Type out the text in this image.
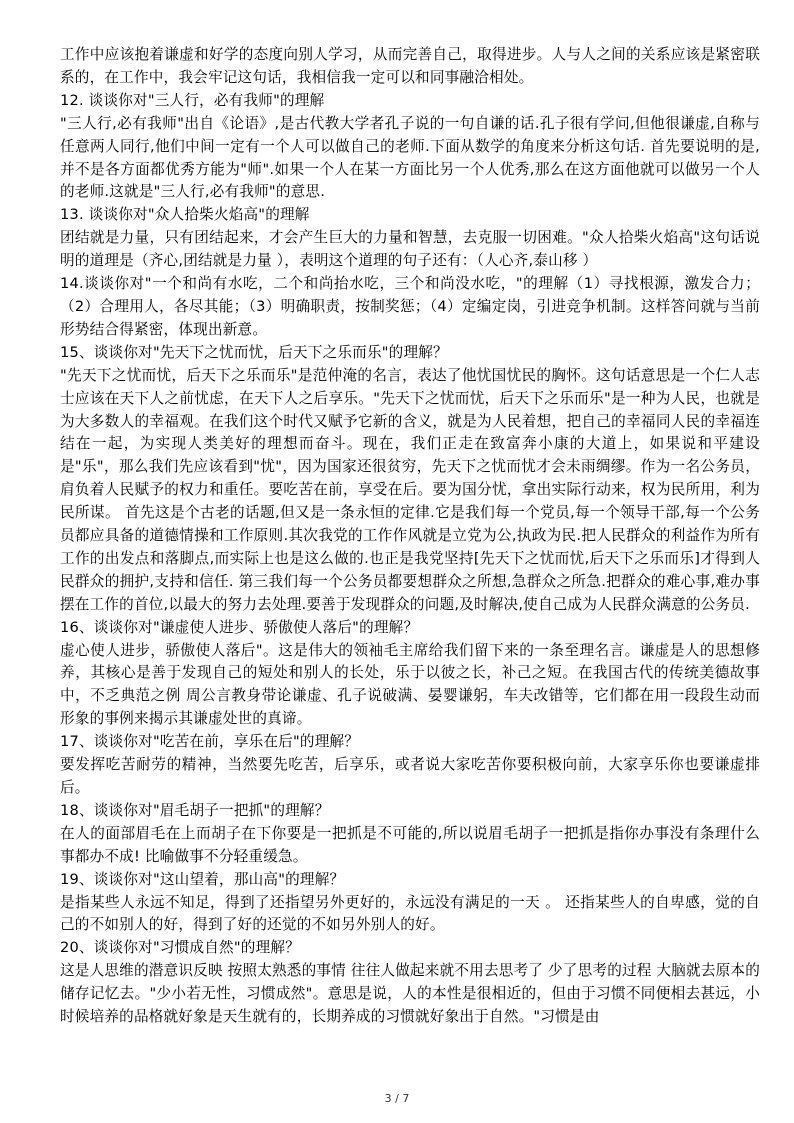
工作中应该抱着谦虚和好学的态度向别人学习，从而完善自己，取得进步。人与人之间的关系应该是紧密联系的，在工作中，我会牢记这句话，我相信我一定可以和同事融洽相处。

12. 谈谈你对"三人行，必有我师"的理解

"三人行,必有我师"出自《论语》,是古代教大学者孔子说的一句自谦的话.孔子很有学问,但他很谦虚,自称与任意两人同行,他们中间一定有一个人可以做自己的老师.下面从数学的角度来分析这句话. 首先要说明的是,并不是各方面都优秀方能为"师".如果一个人在某一方面比另一个人优秀,那么在这方面他就可以做另一个人的老师.这就是"三人行,必有我师"的意思.

13. 谈谈你对"众人拾柴火焰高"的理解

团结就是力量，只有团结起来，才会产生巨大的力量和智慧，去克服一切困难。"众人拾柴火焰高"这句话说明的道理是（齐心,团结就是力量 ），表明这个道理的句子还有：（人心齐,泰山移 ）

14.谈谈你对"一个和尚有水吃，二个和尚抬水吃，三个和尚没水吃，"的理解（1）寻找根源，激发合力；（2）合理用人，各尽其能；（3）明确职责，按制奖惩；（4）定编定岗，引进竞争机制。这样答问就与当前形势结合得紧密，体现出新意。

15、谈谈你对"先天下之忧而忧，后天下之乐而乐"的理解？

"先天下之忧而忧，后天下之乐而乐"是范仲淹的名言，表达了他忧国忧民的胸怀。这句话意思是一个仁人志士应该在天下人之前忧虑，在天下人之后享乐。"先天下之忧而忧，后天下之乐而乐"是一种为人民，也就是为大多数人的幸福观。在我们这个时代又赋予它新的含义，就是为人民着想，把自己的幸福同人民的幸福连结在一起，为实现人类美好的理想而奋斗。现在，我们正走在致富奔小康的大道上，如果说和平建设是"乐"，那么我们先应该看到"忧"，因为国家还很贫穷，先天下之忧而忧才会未雨绸缪。作为一名公务员，肩负着人民赋予的权力和重任。要吃苦在前，享受在后。要为国分忧，拿出实际行动来，权为民所用，利为民所谋。 首先这是个古老的话题,但又是一条永恒的定律.它是我们每一个党员,每一个领导干部,每一个公务员都应具备的道德情操和工作原则.其次我党的工作作风就是立党为公,执政为民.把人民群众的利益作为所有工作的出发点和落脚点,而实际上也是这么做的.也正是我党坚持[先天下之忧而忧,后天下之乐而乐]才得到人民群众的拥护,支持和信任. 第三我们每一个公务员都要想群众之所想,急群众之所急.把群众的难心事,难办事摆在工作的首位,以最大的努力去处理.要善于发现群众的问题,及时解决,使自己成为人民群众满意的公务员.

16、谈谈你对"谦虚使人进步、骄傲使人落后"的理解？

虚心使人进步，骄傲使人落后"。这是伟大的领袖毛主席给我们留下来的一条至理名言。谦虚是人的思想修养，其核心是善于发现自己的短处和别人的长处，乐于以彼之长，补己之短。在我国古代的传统美德故事中，不乏典范之例 周公言教身带论谦虚、孔子说破满、晏婴谦躬，车夫改错等，它们都在用一段段生动而形象的事例来揭示其谦虚处世的真谛。

17、谈谈你对"吃苦在前，享乐在后"的理解？

要发挥吃苦耐劳的精神，当然要先吃苦，后享乐，或者说大家吃苦你要积极向前，大家享乐你也要谦虚排后。

18、谈谈你对"眉毛胡子一把抓"的理解？

在人的面部眉毛在上而胡子在下你要是一把抓是不可能的,所以说眉毛胡子一把抓是指你办事没有条理什么事都办不成! 比喻做事不分轻重缓急。

19、谈谈你对"这山望着，那山高"的理解？

是指某些人永远不知足，得到了还指望另外更好的，永远没有满足的一天 。 还指某些人的自卑感，觉的自己的不如别人的好，得到了好的还觉的不如另外别人的好。

20、谈谈你对"习惯成自然"的理解？

这是人思维的潜意识反映 按照太熟悉的事情 往往人做起来就不用去思考了 少了思考的过程 大脑就去原本的储存记忆去。"少小若无性，习惯成然"。意思是说，人的本性是很相近的，但由于习惯不同便相去甚远，小时候培养的品格就好象是天生就有的，长期养成的习惯就好象出于自然。"习惯是由

3 / 7
